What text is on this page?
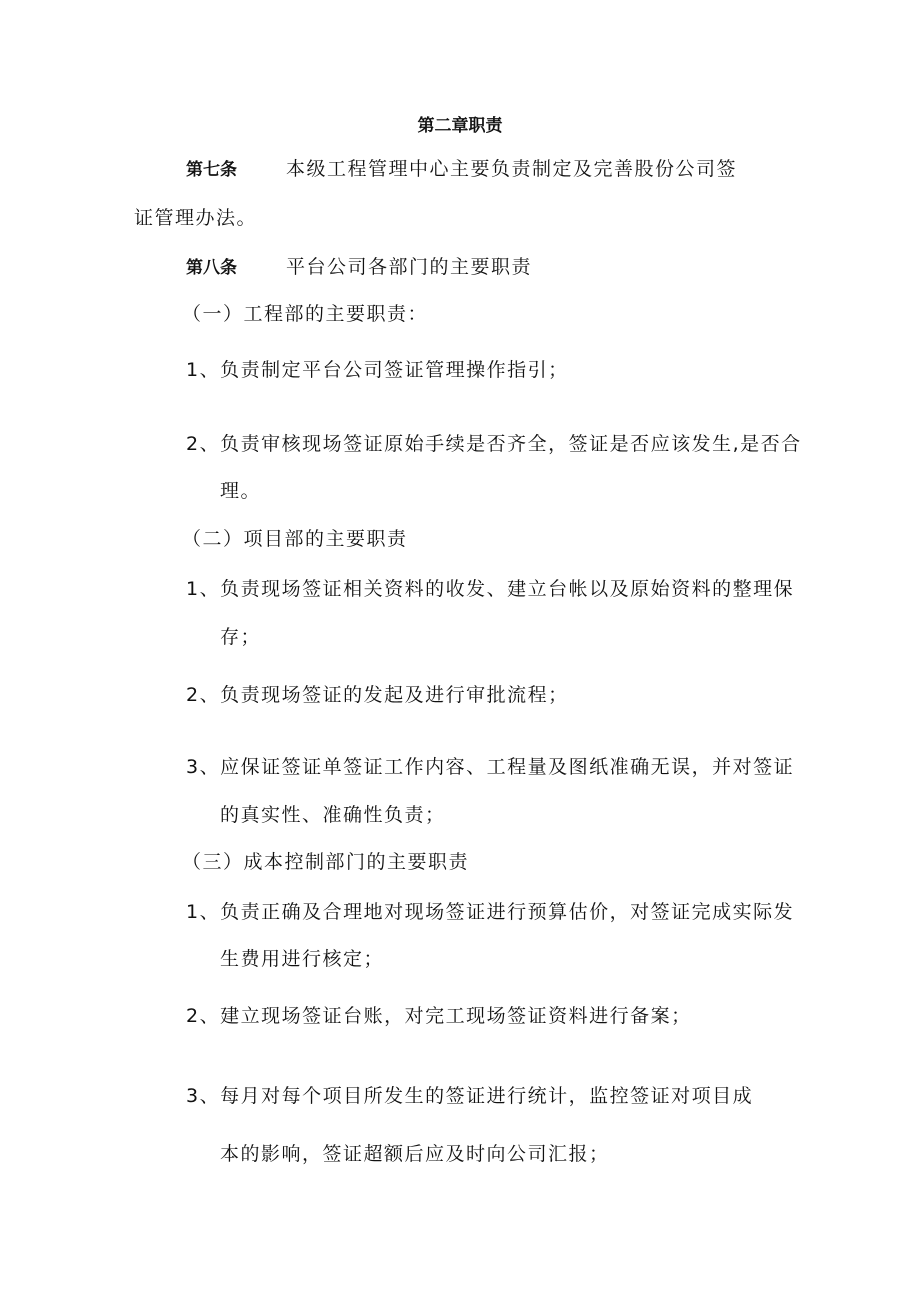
第二章职责
第七条	本级工程管理中心主要负责制定及完善股份公司签
证管理办法。
第八条	平台公司各部门的主要职责
（一）工程部的主要职责：
1、负责制定平台公司签证管理操作指引；
2、负责审核现场签证原始手续是否齐全，签证是否应该发生,是否合
理。
（二）项目部的主要职责
1、负责现场签证相关资料的收发、建立台帐以及原始资料的整理保
存；
2、负责现场签证的发起及进行审批流程；
3、应保证签证单签证工作内容、工程量及图纸准确无误，并对签证
的真实性、准确性负责；
（三）成本控制部门的主要职责
1、负责正确及合理地对现场签证进行预算估价，对签证完成实际发
生费用进行核定；
2、建立现场签证台账，对完工现场签证资料进行备案；
3、每月对每个项目所发生的签证进行统计，监控签证对项目成
本的影响，签证超额后应及时向公司汇报；
